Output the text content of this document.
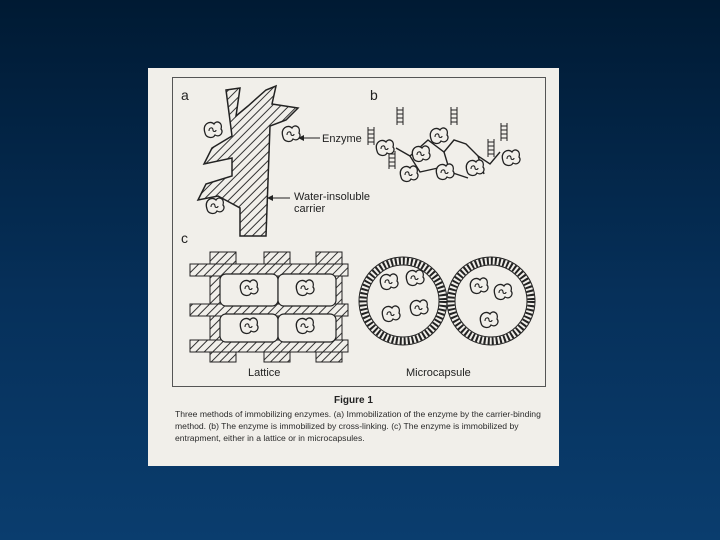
a	b
c
Enzyme
Water-insoluble
carrier
Lattice	Microcapsule
Figure 1
Three methods of immobilizing enzymes. (a) Immobilization of the enzyme by the carrier-binding method. (b) The enzyme is immobilized by cross-linking. (c) The enzyme is immobilized by entrapment, either in a lattice or in microcapsules.
